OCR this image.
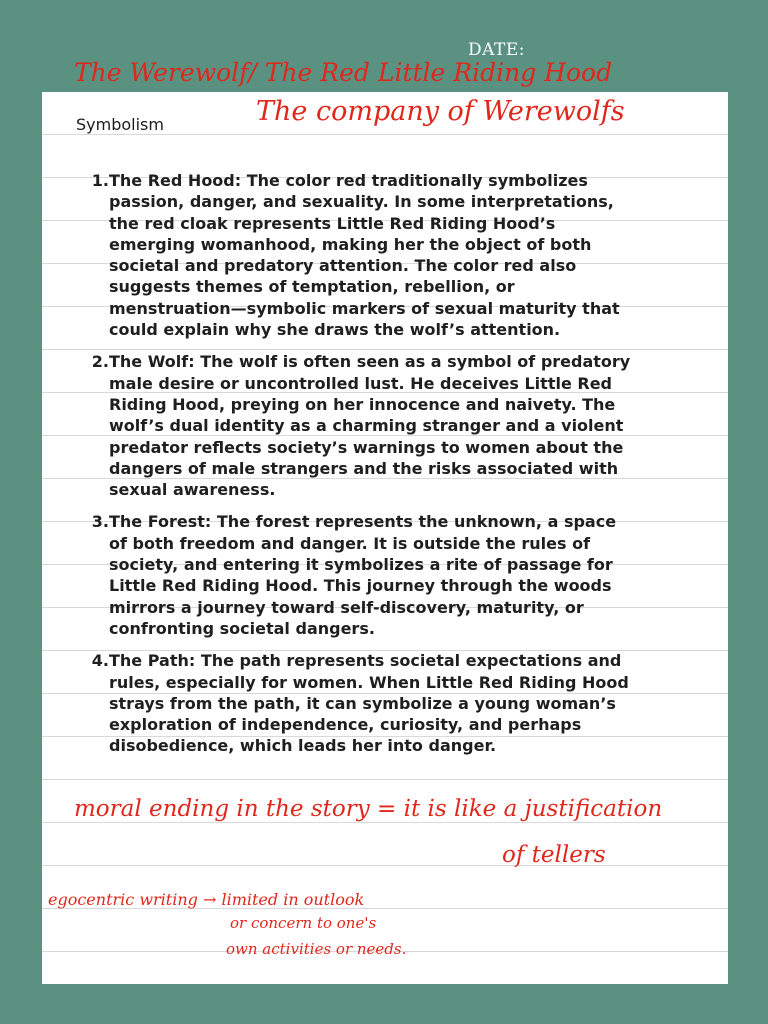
DATE:
The Werewolf/ The Red Little Riding Hood
The company of Werewolfs
Symbolism
1. The Red Hood: The color red traditionally symbolizes passion, danger, and sexuality. In some interpretations, the red cloak represents Little Red Riding Hood’s emerging womanhood, making her the object of both societal and predatory attention. The color red also suggests themes of temptation, rebellion, or menstruation—symbolic markers of sexual maturity that could explain why she draws the wolf’s attention.
2. The Wolf: The wolf is often seen as a symbol of predatory male desire or uncontrolled lust. He deceives Little Red Riding Hood, preying on her innocence and naivety. The wolf’s dual identity as a charming stranger and a violent predator reflects society’s warnings to women about the dangers of male strangers and the risks associated with sexual awareness.
3. The Forest: The forest represents the unknown, a space of both freedom and danger. It is outside the rules of society, and entering it symbolizes a rite of passage for Little Red Riding Hood. This journey through the woods mirrors a journey toward self-discovery, maturity, or confronting societal dangers.
4. The Path: The path represents societal expectations and rules, especially for women. When Little Red Riding Hood strays from the path, it can symbolize a young woman’s exploration of independence, curiosity, and perhaps disobedience, which leads her into danger.
moral ending in the story = it is like a justification
of tellers
egocentric writing → limited in outlook
or concern to one's
own activities or needs.
